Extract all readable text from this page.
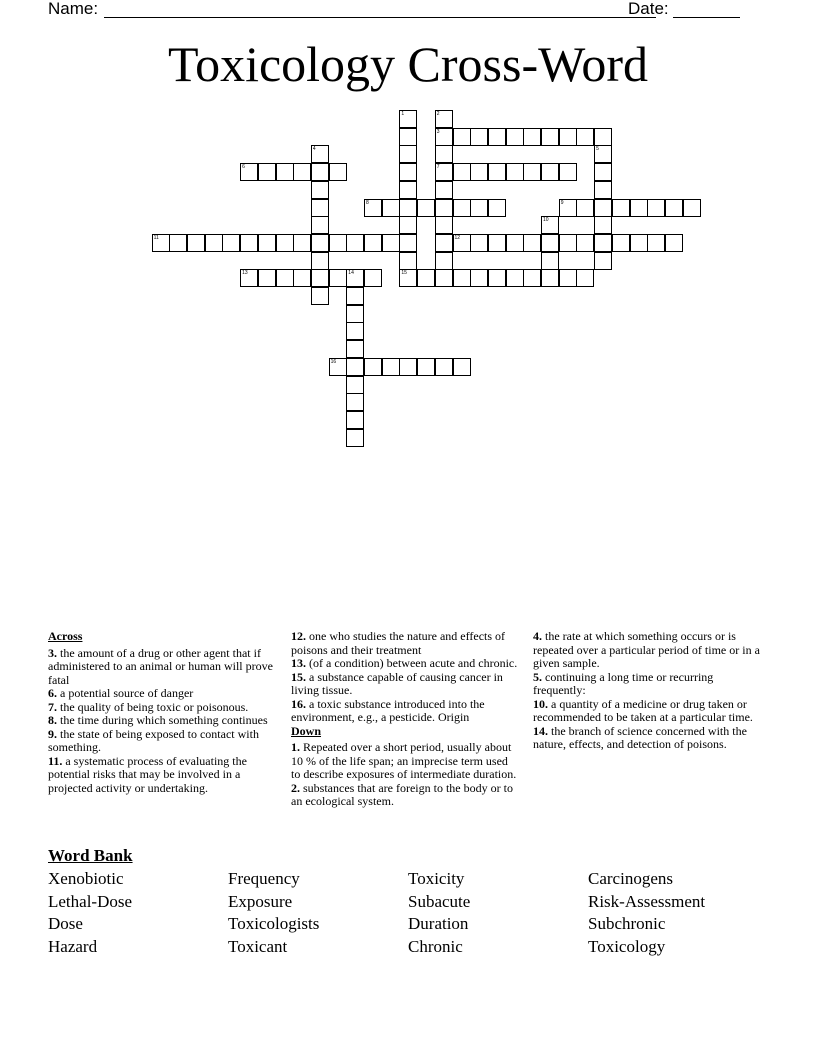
Name:	Date:
Toxicology Cross-Word
1	2
3
7
4	5
6
8	9
10
11	12
13	14	15
16
Across
3. the amount of a drug or other agent that if administered to an animal or human will prove fatal
6. a potential source of danger
7. the quality of being toxic or poisonous.
8. the time during which something continues
9. the state of being exposed to contact with something.
11. a systematic process of evaluating the potential risks that may be involved in a projected activity or undertaking.
12. one who studies the nature and effects of poisons and their treatment
13. (of a condition) between acute and chronic.
15. a substance capable of causing cancer in living tissue.
16. a toxic substance introduced into the environment, e.g., a pesticide. Origin
Down
1. Repeated over a short period, usually about 10 % of the life span; an imprecise term used to describe exposures of intermediate duration.
2. substances that are foreign to the body or to an ecological system.
4. the rate at which something occurs or is repeated over a particular period of time or in a given sample.
5. continuing a long time or recurring frequently:
10. a quantity of a medicine or drug taken or recommended to be taken at a particular time.
14. the branch of science concerned with the nature, effects, and detection of poisons.
Word Bank
Xenobiotic	Frequency	Toxicity	Carcinogens
Lethal-Dose	Exposure	Subacute	Risk-Assessment
Dose	Toxicologists	Duration	Subchronic
Hazard	Toxicant	Chronic	Toxicology
